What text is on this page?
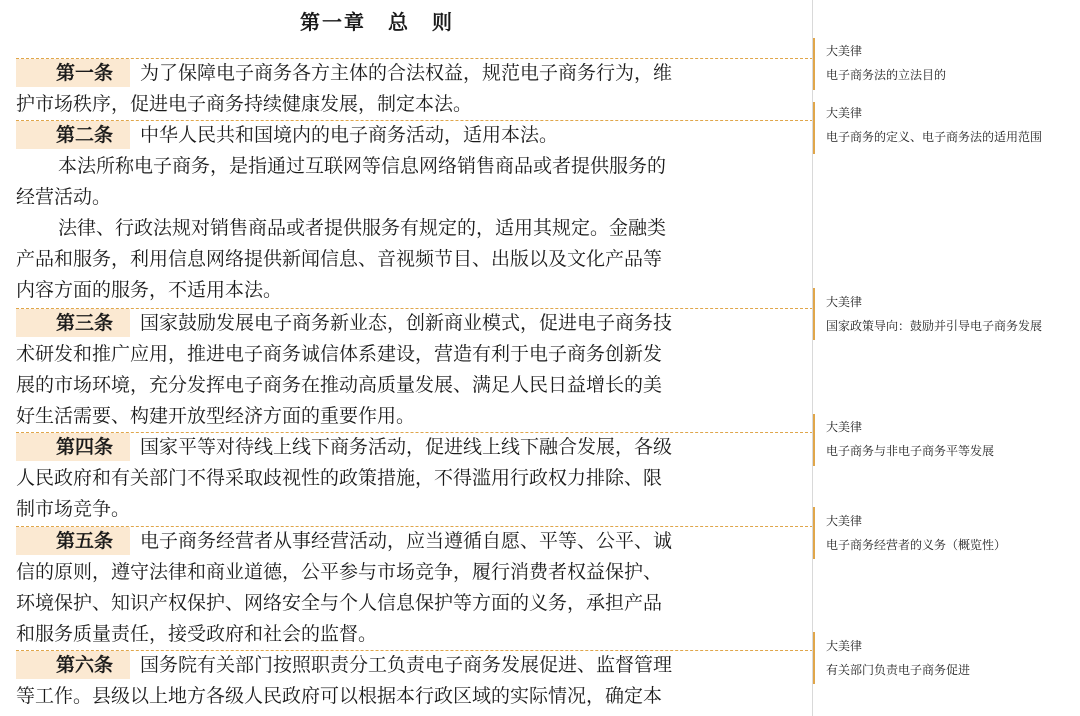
第一章　总　则
第一条 为了保障电子商务各方主体的合法权益，规范电子商务行为，维
护市场秩序，促进电子商务持续健康发展，制定本法。
第二条 中华人民共和国境内的电子商务活动，适用本法。
本法所称电子商务，是指通过互联网等信息网络销售商品或者提供服务的
经营活动。
法律、行政法规对销售商品或者提供服务有规定的，适用其规定。金融类
产品和服务，利用信息网络提供新闻信息、音视频节目、出版以及文化产品等
内容方面的服务，不适用本法。
第三条 国家鼓励发展电子商务新业态，创新商业模式，促进电子商务技
术研发和推广应用，推进电子商务诚信体系建设，营造有利于电子商务创新发
展的市场环境，充分发挥电子商务在推动高质量发展、满足人民日益增长的美
好生活需要、构建开放型经济方面的重要作用。
第四条 国家平等对待线上线下商务活动，促进线上线下融合发展，各级
人民政府和有关部门不得采取歧视性的政策措施，不得滥用行政权力排除、限
制市场竞争。
第五条 电子商务经营者从事经营活动，应当遵循自愿、平等、公平、诚
信的原则，遵守法律和商业道德，公平参与市场竞争，履行消费者权益保护、
环境保护、知识产权保护、网络安全与个人信息保护等方面的义务，承担产品
和服务质量责任，接受政府和社会的监督。
第六条 国务院有关部门按照职责分工负责电子商务发展促进、监督管理
等工作。县级以上地方各级人民政府可以根据本行政区域的实际情况，确定本
大美律
电子商务法的立法目的
大美律
电子商务的定义、电子商务法的适用范围
大美律
国家政策导向：鼓励并引导电子商务发展
大美律
电子商务与非电子商务平等发展
大美律
电子商务经营者的义务（概览性）
大美律
有关部门负责电子商务促进
